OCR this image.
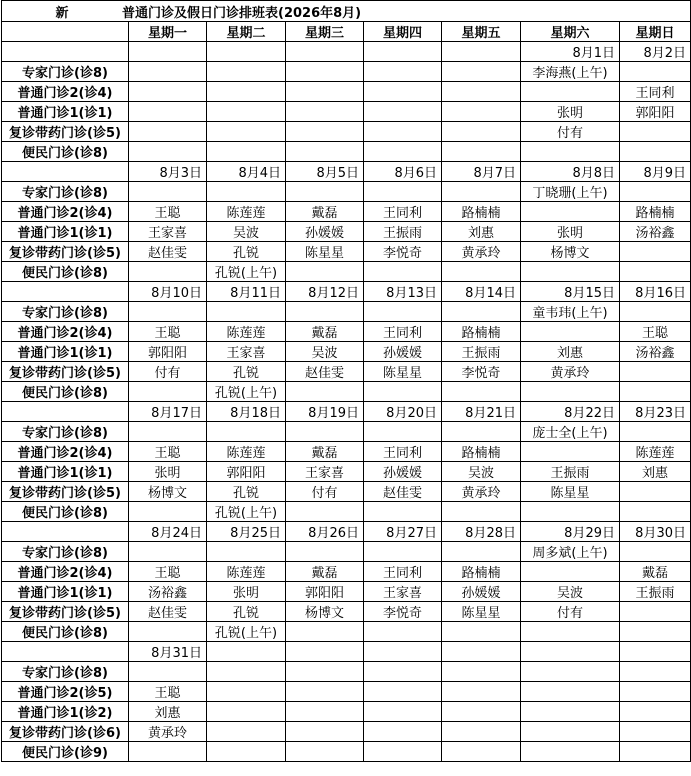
新 普通门诊及假日门诊排班表(2026年8月)							
	星期一	星期二	星期三	星期四	星期五	星期六	星期日
						8月1日	8月2日
专家门诊(诊8)						李海燕(上午)	
普通门诊2(诊4)							王同利
普通门诊1(诊1)						张明	郭阳阳
复诊带药门诊(诊5)						付有	
便民门诊(诊8)							
	8月3日	8月4日	8月5日	8月6日	8月7日	8月8日	8月9日
专家门诊(诊8)						丁晓珊(上午)	
普通门诊2(诊4)	王聪	陈莲莲	戴磊	王同利	路楠楠		路楠楠
普通门诊1(诊1)	王家喜	吴波	孙媛媛	王振雨	刘惠	张明	汤裕鑫
复诊带药门诊(诊5)	赵佳雯	孔锐	陈星星	李悦奇	黄承玲	杨博文	
便民门诊(诊8)		孔锐(上午)					
	8月10日	8月11日	8月12日	8月13日	8月14日	8月15日	8月16日
专家门诊(诊8)						童韦玮(上午)	
普通门诊2(诊4)	王聪	陈莲莲	戴磊	王同利	路楠楠		王聪
普通门诊1(诊1)	郭阳阳	王家喜	吴波	孙媛媛	王振雨	刘惠	汤裕鑫
复诊带药门诊(诊5)	付有	孔锐	赵佳雯	陈星星	李悦奇	黄承玲	
便民门诊(诊8)		孔锐(上午)					
	8月17日	8月18日	8月19日	8月20日	8月21日	8月22日	8月23日
专家门诊(诊8)						庞士全(上午)	
普通门诊2(诊4)	王聪	陈莲莲	戴磊	王同利	路楠楠		陈莲莲
普通门诊1(诊1)	张明	郭阳阳	王家喜	孙媛媛	吴波	王振雨	刘惠
复诊带药门诊(诊5)	杨博文	孔锐	付有	赵佳雯	黄承玲	陈星星	
便民门诊(诊8)		孔锐(上午)					
	8月24日	8月25日	8月26日	8月27日	8月28日	8月29日	8月30日
专家门诊(诊8)						周多斌(上午)	
普通门诊2(诊4)	王聪	陈莲莲	戴磊	王同利	路楠楠		戴磊
普通门诊1(诊1)	汤裕鑫	张明	郭阳阳	王家喜	孙媛媛	吴波	王振雨
复诊带药门诊(诊5)	赵佳雯	孔锐	杨博文	李悦奇	陈星星	付有	
便民门诊(诊8)		孔锐(上午)					
	8月31日						
专家门诊(诊8)							
普通门诊2(诊5)	王聪						
普通门诊1(诊2)	刘惠						
复诊带药门诊(诊6)	黄承玲						
便民门诊(诊9)							
